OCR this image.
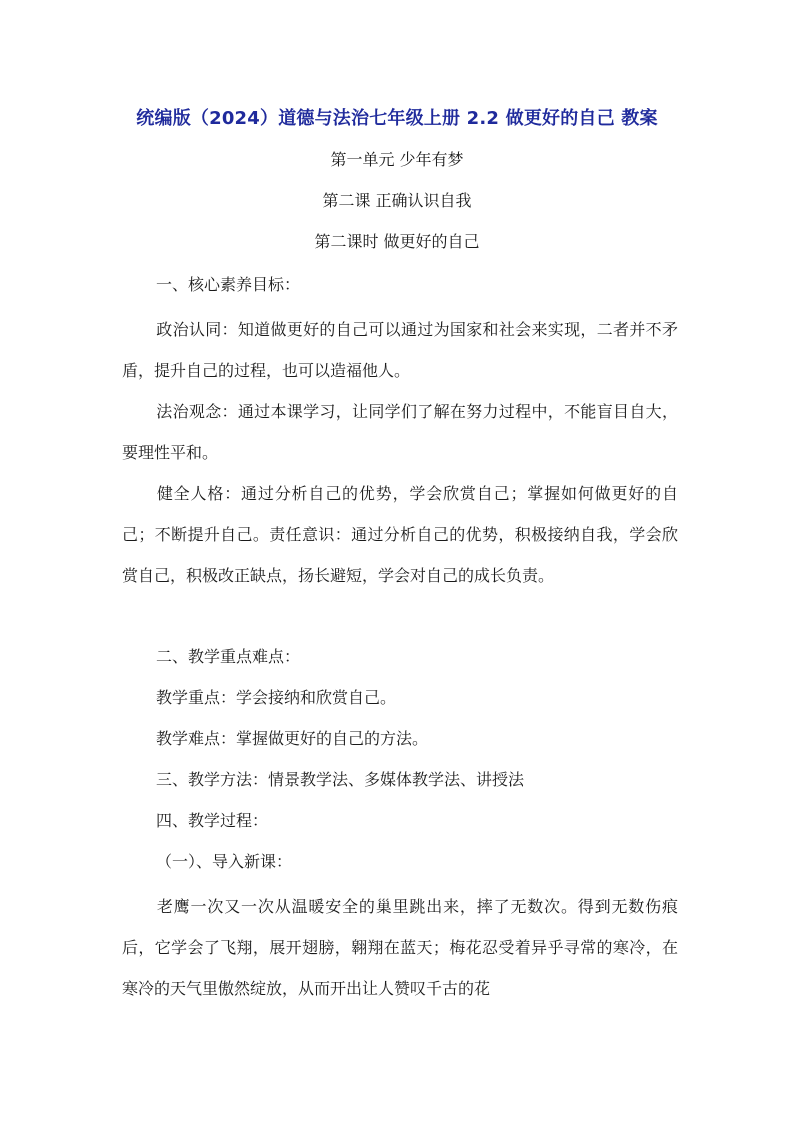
统编版（2024）道德与法治七年级上册 2.2 做更好的自己 教案
第一单元 少年有梦
第二课 正确认识自我
第二课时 做更好的自己
一、核心素养目标：
政治认同：知道做更好的自己可以通过为国家和社会来实现，二者并不矛盾，提升自己的过程，也可以造福他人。
法治观念：通过本课学习，让同学们了解在努力过程中，不能盲目自大，要理性平和。
健全人格：通过分析自己的优势，学会欣赏自己；掌握如何做更好的自己；不断提升自己。责任意识：通过分析自己的优势，积极接纳自我，学会欣赏自己，积极改正缺点，扬长避短，学会对自己的成长负责。
二、教学重点难点：
教学重点：学会接纳和欣赏自己。
教学难点：掌握做更好的自己的方法。
三、教学方法：情景教学法、多媒体教学法、讲授法
四、教学过程：
（一）、导入新课：
老鹰一次又一次从温暖安全的巢里跳出来，摔了无数次。得到无数伤痕后，它学会了飞翔，展开翅膀，翱翔在蓝天；梅花忍受着异乎寻常的寒冷，在寒冷的天气里傲然绽放，从而开出让人赞叹千古的花
